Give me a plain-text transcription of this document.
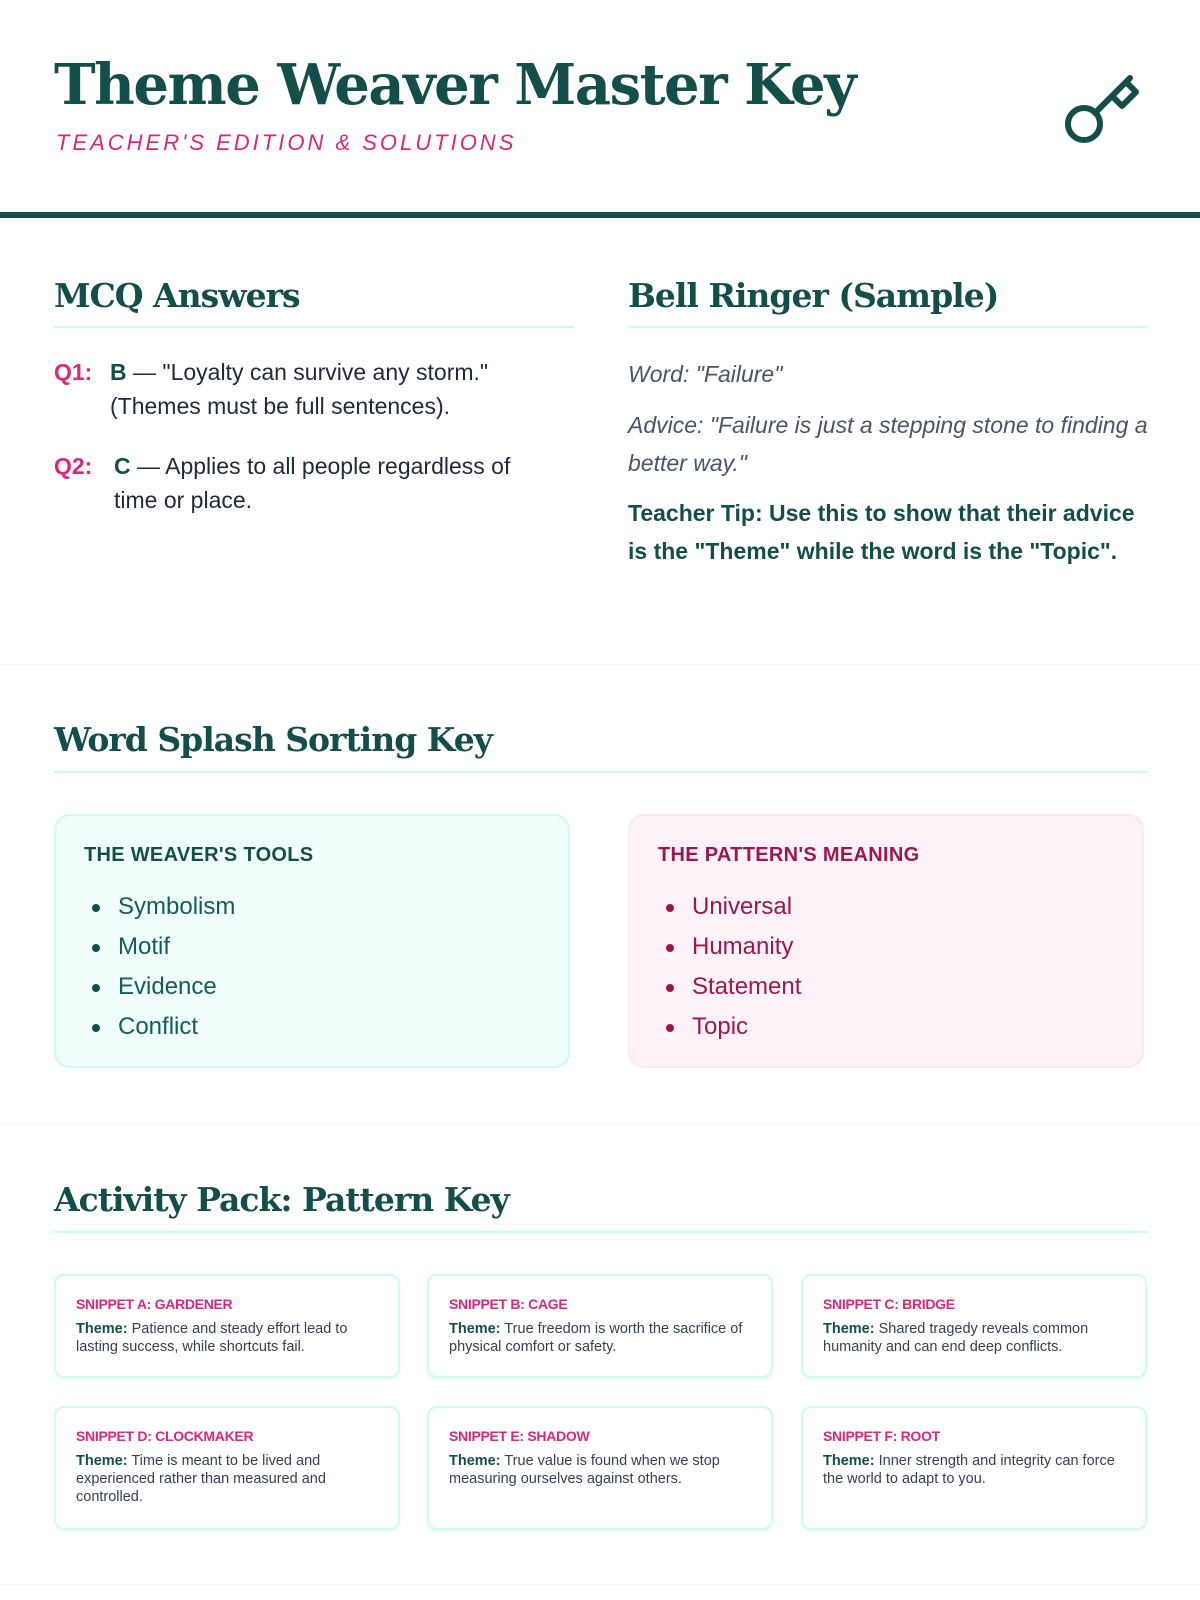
Theme Weaver Master Key
TEACHER'S EDITION & SOLUTIONS
MCQ Answers
Q1: B — "Loyalty can survive any storm." (Themes must be full sentences).
Q2: C — Applies to all people regardless of time or place.
Bell Ringer (Sample)
Word: "Failure"
Advice: "Failure is just a stepping stone to finding a better way."
Teacher Tip: Use this to show that their advice is the "Theme" while the word is the "Topic".
Word Splash Sorting Key
THE WEAVER'S TOOLS
Symbolism
Motif
Evidence
Conflict
THE PATTERN'S MEANING
Universal
Humanity
Statement
Topic
Activity Pack: Pattern Key
SNIPPET A: GARDENER
Theme: Patience and steady effort lead to lasting success, while shortcuts fail.
SNIPPET B: CAGE
Theme: True freedom is worth the sacrifice of physical comfort or safety.
SNIPPET C: BRIDGE
Theme: Shared tragedy reveals common humanity and can end deep conflicts.
SNIPPET D: CLOCKMAKER
Theme: Time is meant to be lived and experienced rather than measured and controlled.
SNIPPET E: SHADOW
Theme: True value is found when we stop measuring ourselves against others.
SNIPPET F: ROOT
Theme: Inner strength and integrity can force the world to adapt to you.
